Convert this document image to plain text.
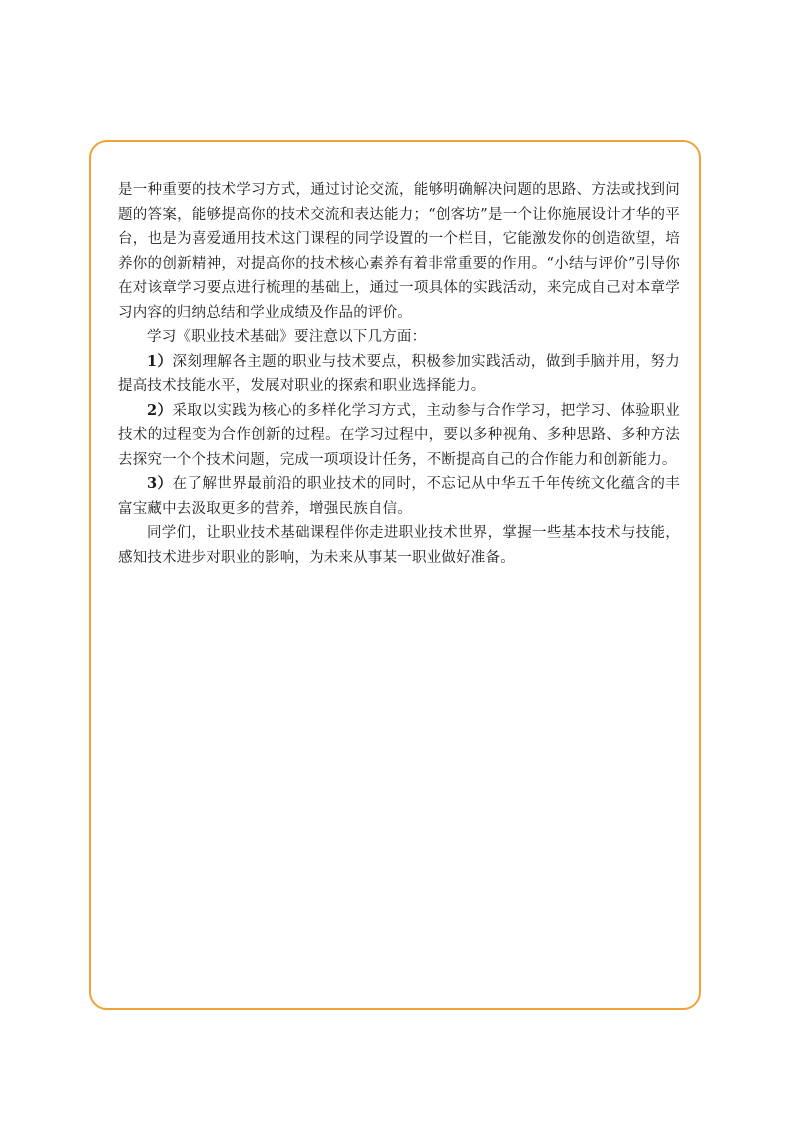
是一种重要的技术学习方式，通过讨论交流，能够明确解决问题的思路、方法或找到问题的答案，能够提高你的技术交流和表达能力；“创客坊”是一个让你施展设计才华的平台，也是为喜爱通用技术这门课程的同学设置的一个栏目，它能激发你的创造欲望，培养你的创新精神，对提高你的技术核心素养有着非常重要的作用。“小结与评价”引导你在对该章学习要点进行梳理的基础上，通过一项具体的实践活动，来完成自己对本章学习内容的归纳总结和学业成绩及作品的评价。

学习《职业技术基础》要注意以下几方面：

1）深刻理解各主题的职业与技术要点，积极参加实践活动，做到手脑并用，努力提高技术技能水平，发展对职业的探索和职业选择能力。

2）采取以实践为核心的多样化学习方式，主动参与合作学习，把学习、体验职业技术的过程变为合作创新的过程。在学习过程中，要以多种视角、多种思路、多种方法去探究一个个技术问题，完成一项项设计任务，不断提高自己的合作能力和创新能力。

3）在了解世界最前沿的职业技术的同时，不忘记从中华五千年传统文化蕴含的丰富宝藏中去汲取更多的营养，增强民族自信。

同学们，让职业技术基础课程伴你走进职业技术世界，掌握一些基本技术与技能，感知技术进步对职业的影响，为未来从事某一职业做好准备。
